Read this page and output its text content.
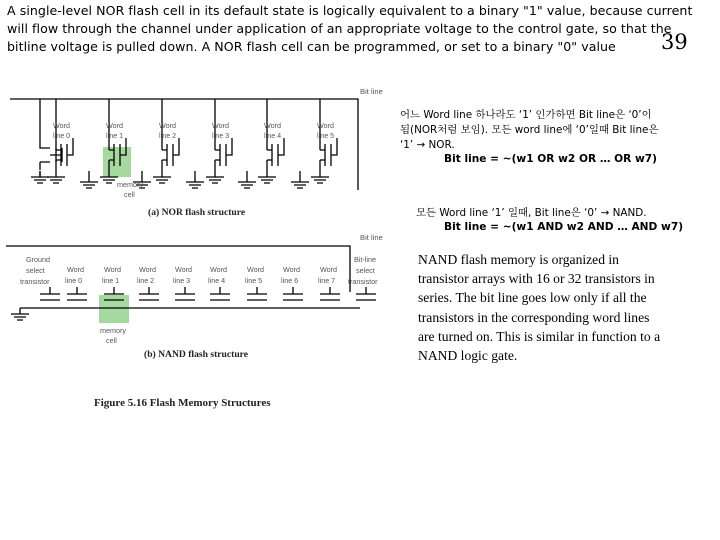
A single-level NOR flash cell in its default state is logically equivalent to a binary "1" value, because current will flow through the channel under application of an appropriate voltage to the control gate, so that the bitline voltage is pulled down. A NOR flash cell can be programmed, or set to a binary "0" value	39
Bit line
Word
line 0
Word
line 1
Word
line 2
Word
line 3
Word
line 4
Word
line 5
memory
cell
(a) NOR flash structure
Bit line
Ground
select
transistor
Word
line 0
Word
line 1
Word
line 2
Word
line 3
Word
line 4
Word
line 5
Word
line 6
Word
line 7
Bit-line
select
transistor
memory
cell
(b) NAND flash structure
Figure 5.16 Flash Memory Structures
어느 Word line 하나라도 ‘1’ 인가하면 Bit line은 ‘0’이
됨(NOR처럼 보임). 모든 word line에 ‘0’일때 Bit line은
‘1’ → NOR.
Bit line = ~(w1 OR w2 OR … OR w7)
모든 Word line ‘1’ 일때, Bit line은 ‘0’ → NAND.
Bit line = ~(w1 AND w2 AND … AND w7)
NAND flash memory is organized in transistor arrays with 16 or 32 transistors in series. The bit line goes low only if all the transistors in the corresponding word lines are turned on. This is similar in function to a NAND logic gate.
